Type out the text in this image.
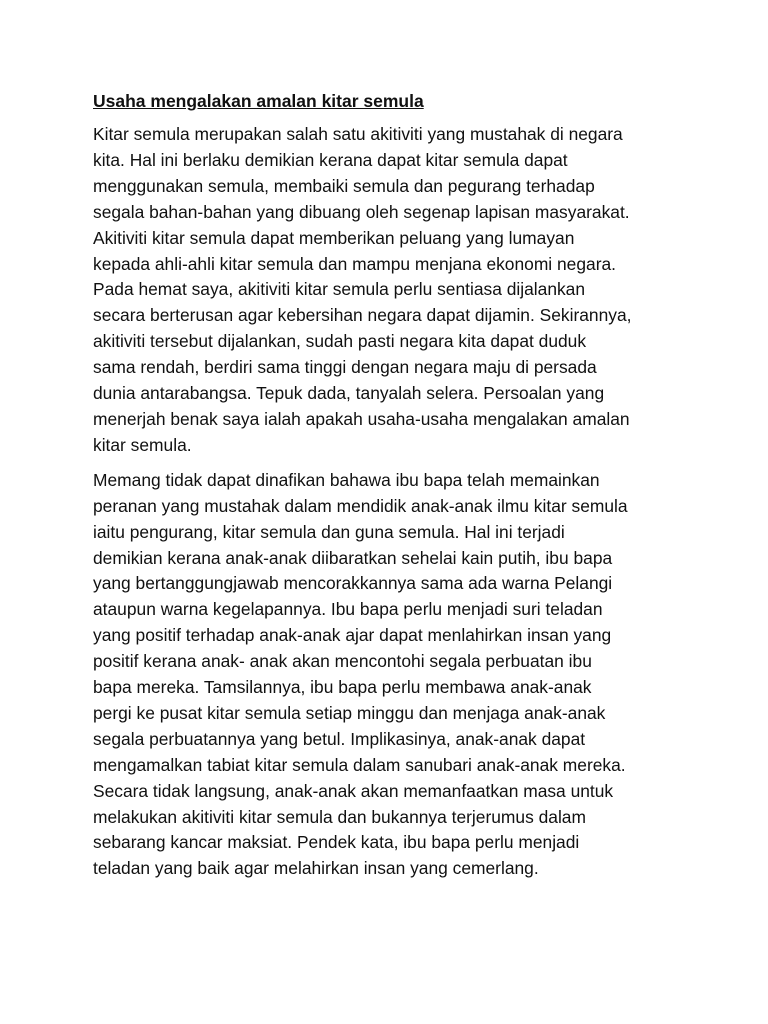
Usaha mengalakan amalan kitar semula
Kitar semula merupakan salah satu akitiviti yang mustahak di negara
kita. Hal ini berlaku demikian kerana dapat kitar semula dapat
menggunakan semula, membaiki semula dan pegurang terhadap
segala bahan-bahan yang dibuang oleh segenap lapisan masyarakat.
Akitiviti kitar semula dapat memberikan peluang yang lumayan
kepada ahli-ahli kitar semula dan mampu menjana ekonomi negara.
Pada hemat saya, akitiviti kitar semula perlu sentiasa dijalankan
secara berterusan agar kebersihan negara dapat dijamin. Sekirannya,
akitiviti tersebut dijalankan, sudah pasti negara kita dapat duduk
sama rendah, berdiri sama tinggi dengan negara maju di persada
dunia antarabangsa. Tepuk dada, tanyalah selera. Persoalan yang
menerjah benak saya ialah apakah usaha-usaha mengalakan amalan
kitar semula.
Memang tidak dapat dinafikan bahawa ibu bapa telah memainkan
peranan yang mustahak dalam mendidik anak-anak ilmu kitar semula
iaitu pengurang, kitar semula dan guna semula. Hal ini terjadi
demikian kerana anak-anak diibaratkan sehelai kain putih, ibu bapa
yang bertanggungjawab mencorakkannya sama ada warna Pelangi
ataupun warna kegelapannya. Ibu bapa perlu menjadi suri teladan
yang positif terhadap anak-anak ajar dapat menlahirkan insan yang
positif kerana anak- anak akan mencontohi segala perbuatan ibu
bapa mereka. Tamsilannya, ibu bapa perlu membawa anak-anak
pergi ke pusat kitar semula setiap minggu dan menjaga anak-anak
segala perbuatannya yang betul. Implikasinya, anak-anak dapat
mengamalkan tabiat kitar semula dalam sanubari anak-anak mereka.
Secara tidak langsung, anak-anak akan memanfaatkan masa untuk
melakukan akitiviti kitar semula dan bukannya terjerumus dalam
sebarang kancar maksiat. Pendek kata, ibu bapa perlu menjadi
teladan yang baik agar melahirkan insan yang cemerlang.
